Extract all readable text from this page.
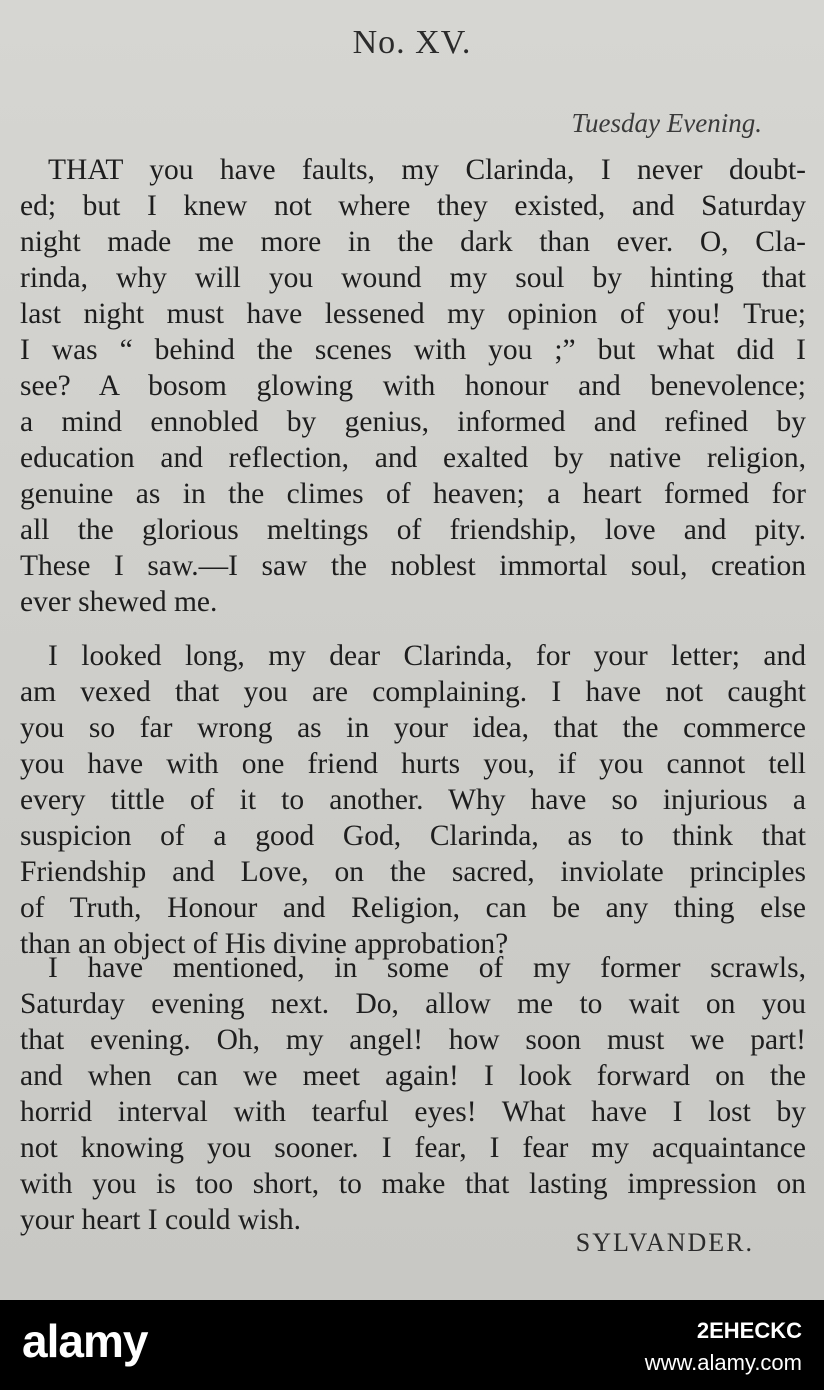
No. XV.
Tuesday Evening.
THAT you have faults, my Clarinda, I never doubt-
ed; but I knew not where they existed, and Saturday
night made me more in the dark than ever. O, Cla-
rinda, why will you wound my soul by hinting that
last night must have lessened my opinion of you! True;
I was “ behind the scenes with you ;” but what did I
see? A bosom glowing with honour and benevolence;
a mind ennobled by genius, informed and refined by
education and reflection, and exalted by native religion,
genuine as in the climes of heaven; a heart formed for
all the glorious meltings of friendship, love and pity.
These I saw.—I saw the noblest immortal soul, creation
ever shewed me.
I looked long, my dear Clarinda, for your letter; and
am vexed that you are complaining. I have not caught
you so far wrong as in your idea, that the commerce
you have with one friend hurts you, if you cannot tell
every tittle of it to another. Why have so injurious a
suspicion of a good God, Clarinda, as to think that
Friendship and Love, on the sacred, inviolate principles
of Truth, Honour and Religion, can be any thing else
than an object of His divine approbation?
I have mentioned, in some of my former scrawls,
Saturday evening next. Do, allow me to wait on you
that evening. Oh, my angel! how soon must we part!
and when can we meet again! I look forward on the
horrid interval with tearful eyes! What have I lost by
not knowing you sooner. I fear, I fear my acquaintance
with you is too short, to make that lasting impression on
your heart I could wish.
SYLVANDER.
alamy	2EHECKC
www.alamy.com
